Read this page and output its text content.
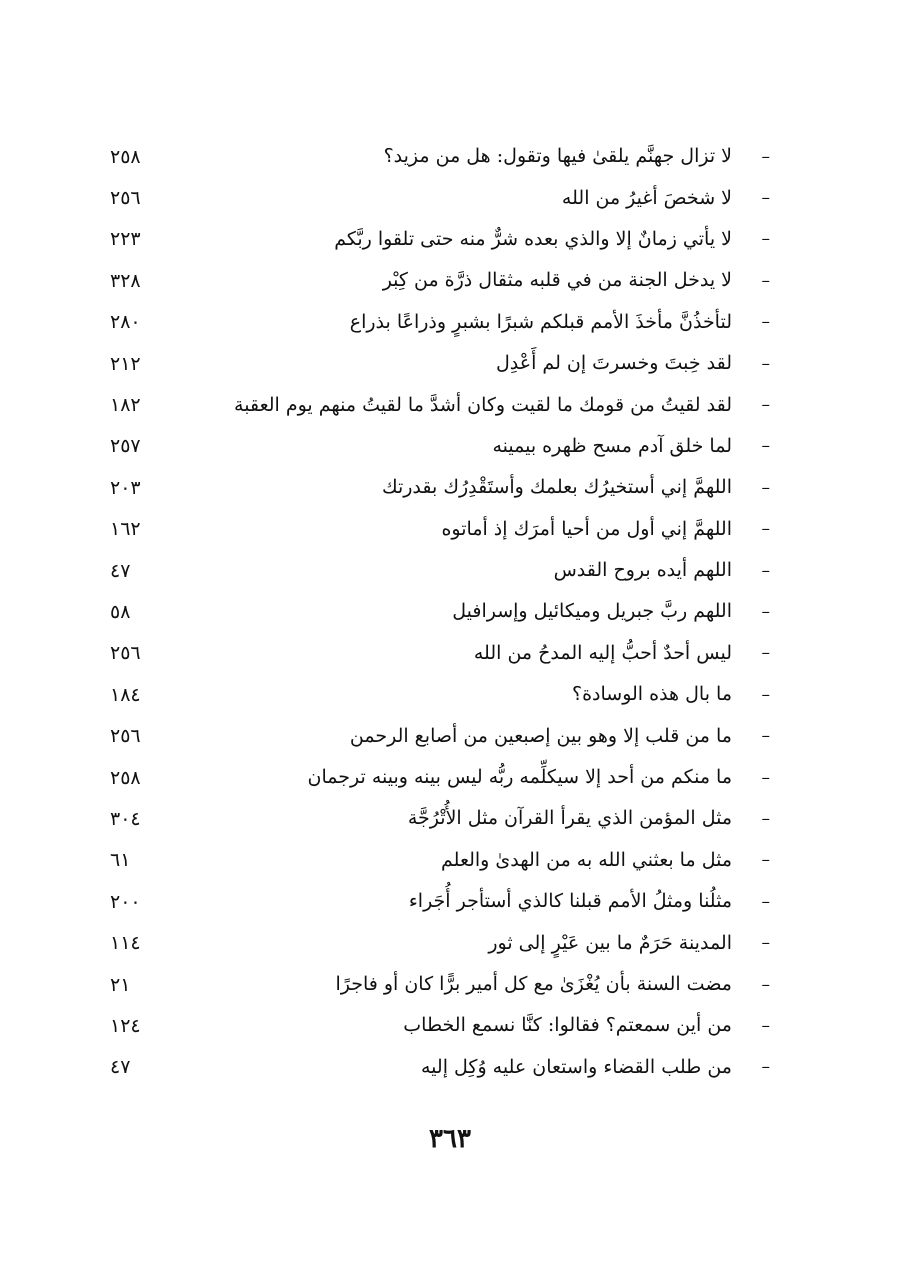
–
لا تزال جهنَّم يلقىٰ فيها وتقول: هل من مزيد؟
٢٥٨
–
لا شخصَ أغيرُ من الله
٢٥٦
–
لا يأتي زمانٌ إلا والذي بعده شرٌّ منه حتى تلقوا ربَّكم
٢٢٣
–
لا يدخل الجنة من في قلبه مثقال ذرَّة من كِبْر
٣٢٨
–
لتأخذُنَّ مأخذَ الأمم قبلكم شبرًا بشبرٍ وذراعًا بذراع
٢٨٠
–
لقد خِبتَ وخسرتَ إن لم أَعْدِل
٢١٢
–
لقد لقيتُ من قومك ما لقيت وكان أشدَّ ما لقيتُ منهم يوم العقبة
١٨٢
–
لما خلق آدم مسح ظهره بيمينه
٢٥٧
–
اللهمَّ إني أستخيرُك بعلمك وأستَقْدِرُك بقدرتك
٢٠٣
–
اللهمَّ إني أول من أحيا أمرَك إذ أماتوه
١٦٢
–
اللهم أيده بروح القدس
٤٧
–
اللهم ربَّ جبريل وميكائيل وإسرافيل
٥٨
–
ليس أحدٌ أحبُّ إليه المدحُ من الله
٢٥٦
–
ما بال هذه الوسادة؟
١٨٤
–
ما من قلب إلا وهو بين إصبعين من أصابع الرحمن
٢٥٦
–
ما منكم من أحد إلا سيكلِّمه ربُّه ليس بينه وبينه ترجمان
٢٥٨
–
مثل المؤمن الذي يقرأ القرآن مثل الأُتْرُجَّة
٣٠٤
–
مثل ما بعثني الله به من الهدىٰ والعلم
٦١
–
مثلُنا ومثلُ الأمم قبلنا كالذي أستأجر أُجَراء
٢٠٠
–
المدينة حَرَمٌ ما بين عَيْرٍ إلى ثور
١١٤
–
مضت السنة بأن يُغْزَىٰ مع كل أمير برًّا كان أو فاجرًا
٢١
–
من أين سمعتم؟ فقالوا: كنَّا نسمع الخطاب
١٢٤
–
من طلب القضاء واستعان عليه وُكِل إليه
٤٧
٣٦٣
